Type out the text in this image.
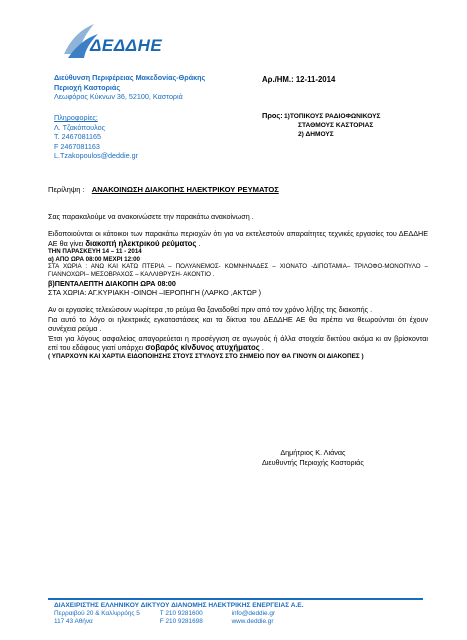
ΔΕΔΔΗΕ
Διεύθυνση Περιφέρειας Μακεδονίας-Θράκης
Περιοχή Καστοριάς
Λεωφόρος Κύκνων 36, 52100, Καστοριά
Αρ./ΗΜ.: 12-11-2014
Πληροφορίες:
Λ. Τζακόπουλος
Τ. 2467081165
F 2467081163
L.Tzakopoulos@deddie.gr
Προς:1)ΤΟΠΙΚΟΥΣ ΡΑΔΙΟΦΩΝΙΚΟΥΣ
ΣΤΑΘΜΟΥΣ ΚΑΣΤΟΡΙΑΣ
2) ΔΗΜΟΥΣ
Περίληψη : ΑΝΑΚΟΙΝΩΣΗ ΔΙΑΚΟΠΗΣ ΗΛΕΚΤΡΙΚΟΥ ΡΕΥΜΑΤΟΣ

Σας παρακαλούμε να ανακοινώσετε την παρακάτω ανακοίνωση .

Ειδοποιούνται οι κάτοικοι των παρακάτω περιοχών ότι για να εκτελεστούν απαραίτητες τεχνικές εργασίες του ΔΕΔΔΗΕ ΑΕ θα γίνει διακοπή ηλεκτρικού ρεύματος .

ΤΗΝ ΠΑΡΑΣΚΕΥΗ 14 – 11 - 2014

α) ΑΠΟ ΩΡΑ 08:00 ΜΕΧΡΙ 12:00

ΣΤΑ ΧΩΡΙΑ : ΑΝΩ ΚΑΙ ΚΑΤΩ ΠΤΕΡΙΑ – ΠΟΛΥΑΝΕΜΟΣ- ΚΟΜΝΗΝΑΔΕΣ – ΧΙΟΝΑΤΟ -ΔΙΠΟΤΑΜΙΑ– ΤΡΙΛΟΦΟ-ΜΟΝΟΠΥΛΟ – ΓΙΑΝΝΟΧΩΡΙ– ΜΕΣΟΒΡΑΧΟΣ – ΚΑΛΛΙΘΡΥΣΗ- ΑΚΟΝΤΙΟ .

β)ΠΕΝΤΑΛΕΠΤΗ ΔΙΑΚΟΠΗ ΩΡΑ 08:00

ΣΤΑ ΧΩΡΙΑ: ΑΓ.ΚΥΡΙΑΚΗ -ΟΙΝΟΗ –ΙΕΡΟΠΗΓΗ (ΛΑΡΚΟ ,ΑΚΤΩΡ )

Αν οι εργασίες τελειώσουν νωρίτερα ,το ρεύμα θα ξαναδοθεί πριν από τον χρόνο λήξης της διακοπής .

Για αυτό το λόγο οι ηλεκτρικές εγκαταστάσεις και τα δίκτυα του ΔΕΔΔΗΕ ΑΕ θα πρέπει να θεωρούνται ότι έχουν συνέχεια ρεύμα .

Έτσι για λόγους ασφαλείας απαγορεύεται η προσέγγιση σε αγωγούς ή άλλα στοιχεία δικτύου ακόμα κι αν βρίσκονται επί του εδάφους γιατί υπάρχει σοβαρός κίνδυνος ατυχήματος .

( ΥΠΑΡΧΟΥΝ ΚΑΙ ΧΑΡΤΙΑ ΕΙΔΟΠΟΙΗΣΗΣ ΣΤΟΥΣ ΣΤΥΛΟΥΣ ΣΤΟ ΣΗΜΕΙΟ ΠΟΥ ΘΑ ΓΙΝΟΥΝ ΟΙ ΔΙΑΚΟΠΕΣ )

Δημήτριος Κ. Λιάνας
Διευθυντής Περιοχής Καστοριάς
ΔΙΑΧΕΙΡΙΣΤΗΣ ΕΛΛΗΝΙΚΟΥ ΔΙΚΤΥΟΥ ΔΙΑΝΟΜΗΣ ΗΛΕΚΤΡΙΚΗΣ ΕΝΕΡΓΕΙΑΣ Α.Ε.
Περραιβού 20 & Καλλιρρόης 5	T 210 9281600	info@deddie.gr
117 43 Αθήνα	F 210 9281698	www.deddie.gr
